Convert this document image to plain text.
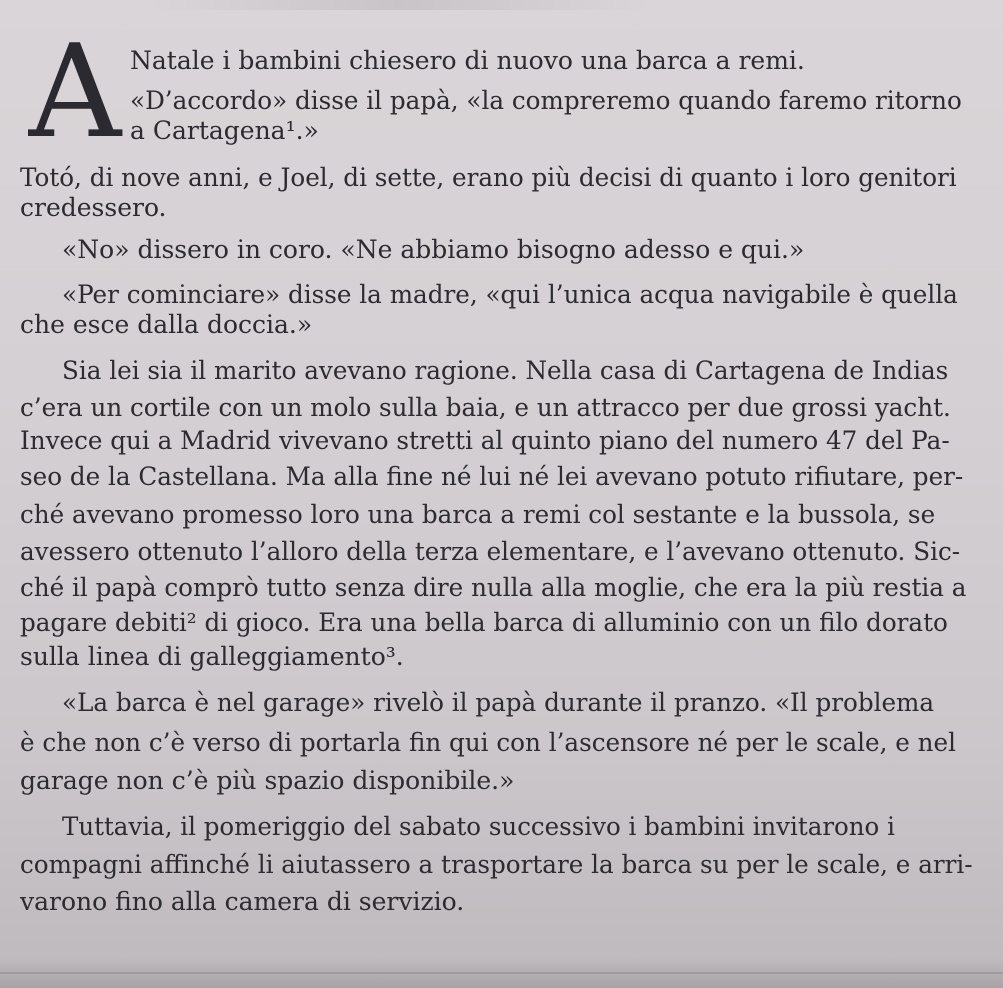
A Natale i bambini chiesero di nuovo una barca a remi.
«D’accordo» disse il papà, «la compreremo quando faremo ritorno
a Cartagena¹.»
Totó, di nove anni, e Joel, di sette, erano più decisi di quanto i loro genitori
credessero.
«No» dissero in coro. «Ne abbiamo bisogno adesso e qui.»
«Per cominciare» disse la madre, «qui l’unica acqua navigabile è quella
che esce dalla doccia.»
Sia lei sia il marito avevano ragione. Nella casa di Cartagena de Indias
c’era un cortile con un molo sulla baia, e un attracco per due grossi yacht.
Invece qui a Madrid vivevano stretti al quinto piano del numero 47 del Pa-
seo de la Castellana. Ma alla fine né lui né lei avevano potuto rifiutare, per-
ché avevano promesso loro una barca a remi col sestante e la bussola, se
avessero ottenuto l’alloro della terza elementare, e l’avevano ottenuto. Sic-
ché il papà comprò tutto senza dire nulla alla moglie, che era la più restia a
pagare debiti² di gioco. Era una bella barca di alluminio con un filo dorato
sulla linea di galleggiamento³.
«La barca è nel garage» rivelò il papà durante il pranzo. «Il problema
è che non c’è verso di portarla fin qui con l’ascensore né per le scale, e nel
garage non c’è più spazio disponibile.»
Tuttavia, il pomeriggio del sabato successivo i bambini invitarono i
compagni affinché li aiutassero a trasportare la barca su per le scale, e arri-
varono fino alla camera di servizio.
